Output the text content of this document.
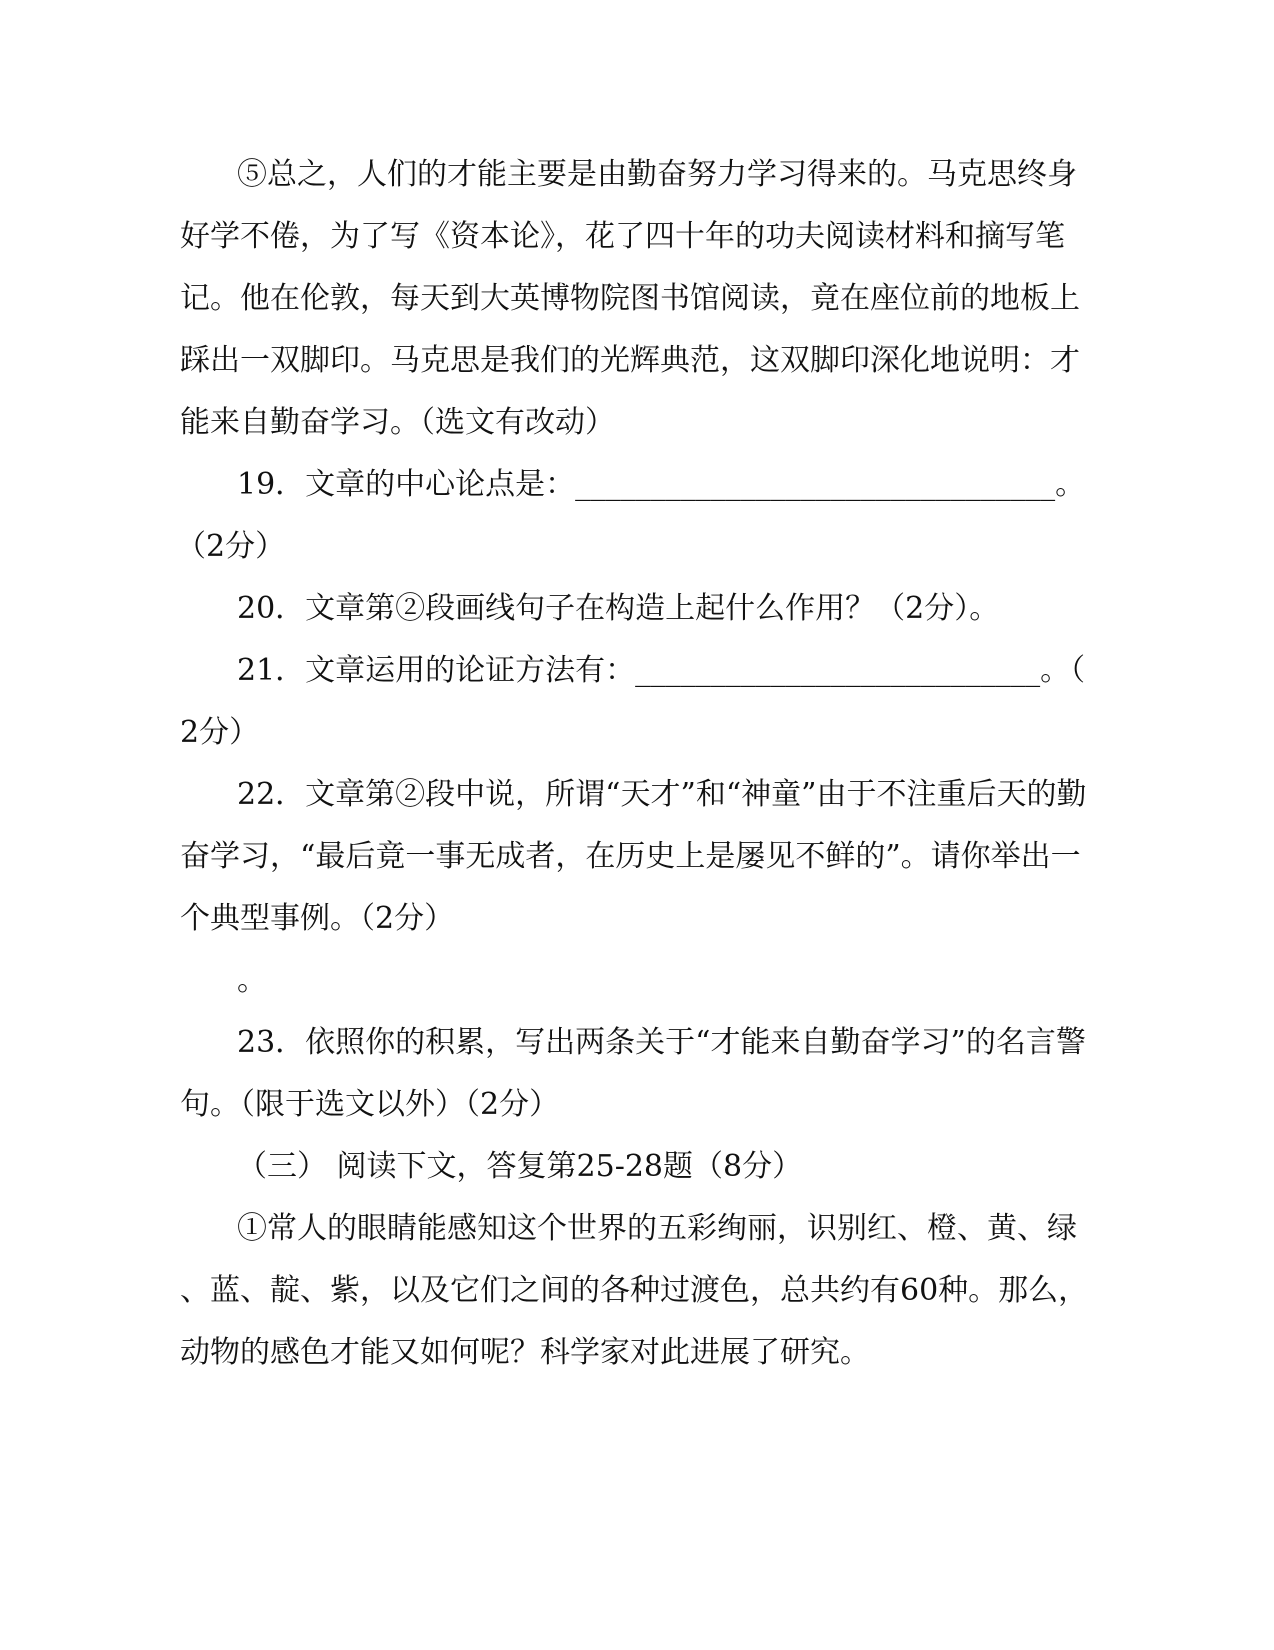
⑤总之，人们的才能主要是由勤奋努力学习得来的。马克思终身
好学不倦，为了写《资本论》，花了四十年的功夫阅读材料和摘写笔
记。他在伦敦，每天到大英博物院图书馆阅读，竟在座位前的地板上
踩出一双脚印。马克思是我们的光辉典范，这双脚印深化地说明：才
能来自勤奋学习。（选文有改动）
19．文章的中心论点是：________________________________。
（2分）
20．文章第②段画线句子在构造上起什么作用？（2分）。
21．文章运用的论证方法有：___________________________。（
2分）
22．文章第②段中说，所谓“天才”和“神童”由于不注重后天的勤
奋学习，“最后竟一事无成者，在历史上是屡见不鲜的”。请你举出一
个典型事例。（2分）
。
23．依照你的积累，写出两条关于“才能来自勤奋学习”的名言警
句。（限于选文以外）（2分）
（三） 阅读下文，答复第25-28题（8分）
①常人的眼睛能感知这个世界的五彩绚丽，识别红、橙、黄、绿
、蓝、靛、紫，以及它们之间的各种过渡色，总共约有60种。那么，
动物的感色才能又如何呢？科学家对此进展了研究。
